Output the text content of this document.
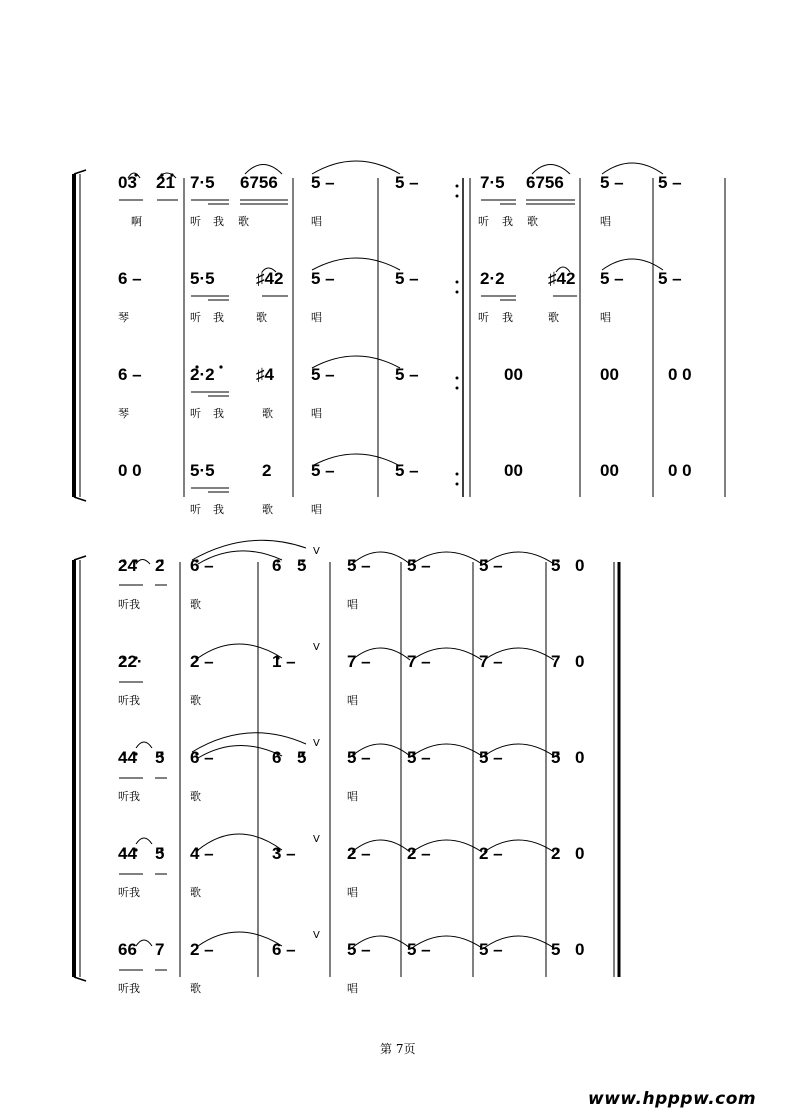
03 21 7·5 6756 5 –	5 –	7·5 6756 5 – 5 –
6 –	5·5 ♯42 5 –	5 –	2·2	♯42 5 – 5 –
6 –	2·2 ♯4 5 –	5 –	00	00	0 0
0 0	5·5	2 5 –	5 –	00	00	0 0
24 2 6 –	6 5 5 – 5 –	5 –	5 0
22·	2 –	1 –	7 – 7 –	7 –	7 0
44 5 6 –	6 5 5 – 5 –	5 –	5 0
44 5 4 –	3 –	2 – 2 –	2 –	2 0
66 7 2 –	6 –	5 – 5 –	5 –	5 0
啊	听 我 歌	唱	听 我 歌	唱
琴	听 我	歌	唱	听 我	歌	唱
琴	听 我	歌	唱
听 我	歌	唱
听我	歌	唱
听我	歌	唱
听我	歌	唱
听我	歌	唱
听我	歌	唱
V
V
V
V
V
第 7页
www.hpppw.com
